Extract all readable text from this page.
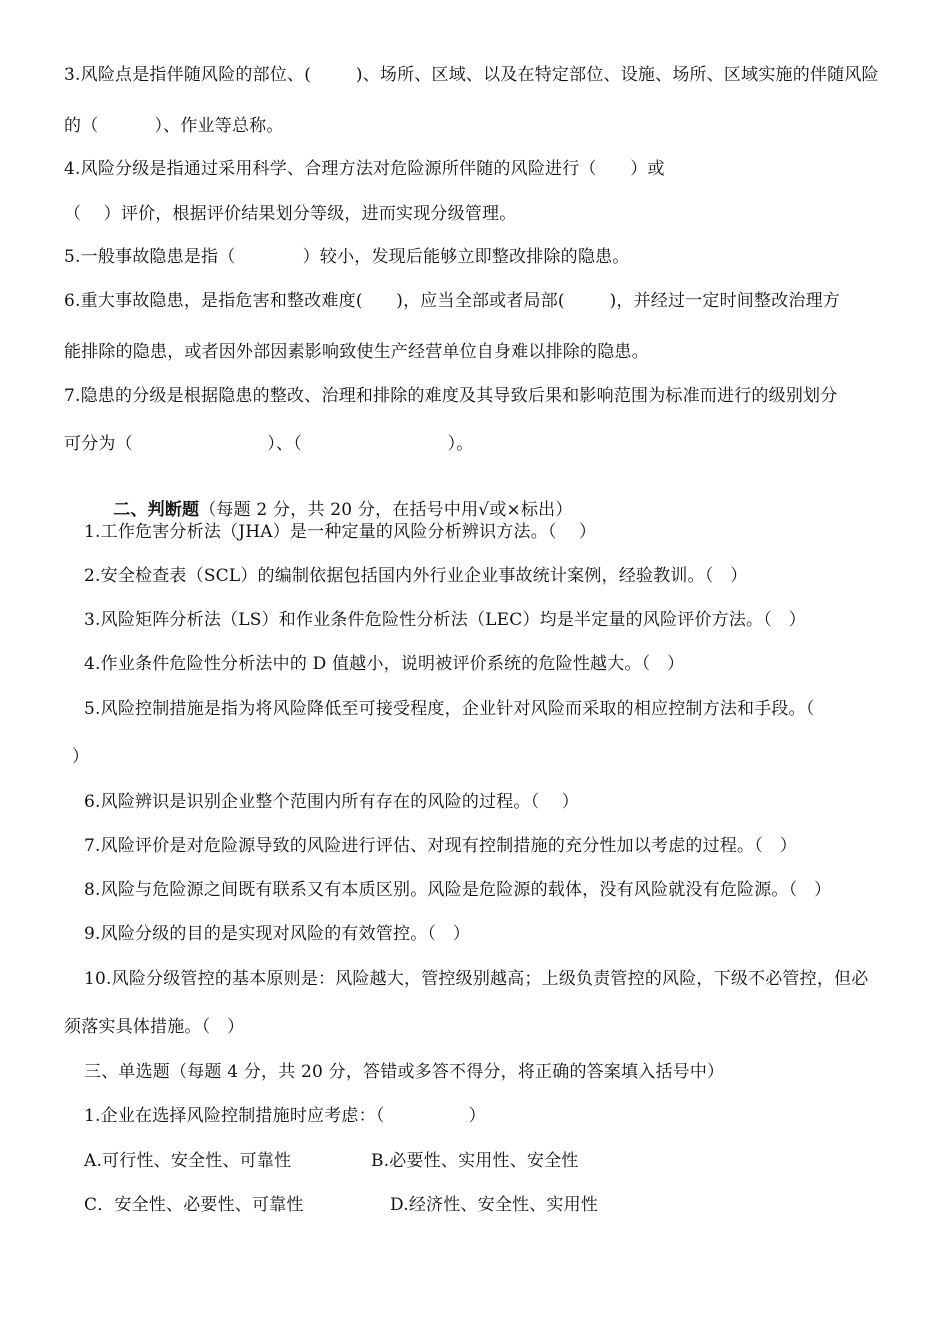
3.风险点是指伴随风险的部位、(        )、场所、区域、以及在特定部位、设施、场所、区域实施的伴随风险
的（          ）、作业等总称。
4.风险分级是指通过采用科学、合理方法对危险源所伴随的风险进行（      ）或
（    ）评价，根据评价结果划分等级，进而实现分级管理。
5.一般事故隐患是指（            ）较小，发现后能够立即整改排除的隐患。
6.重大事故隐患，是指危害和整改难度(      )，应当全部或者局部(        )，并经过一定时间整改治理方
能排除的隐患，或者因外部因素影响致使生产经营单位自身难以排除的隐患。
7.隐患的分级是根据隐患的整改、治理和排除的难度及其导致后果和影响范围为标准而进行的级别划分
可分为（                        ）、（                          ）。

二、判断题（每题 2 分，共 20 分，在括号中用√或×标出）

1.工作危害分析法（JHA）是一种定量的风险分析辨识方法。（    ）
2.安全检查表（SCL）的编制依据包括国内外行业企业事故统计案例，经验教训。（   ）
3.风险矩阵分析法（LS）和作业条件危险性分析法（LEC）均是半定量的风险评价方法。（   ）
4.作业条件危险性分析法中的 D 值越小，说明被评价系统的危险性越大。（   ）
5.风险控制措施是指为将风险降低至可接受程度，企业针对风险而采取的相应控制方法和手段。（
）
6.风险辨识是识别企业整个范围内所有存在的风险的过程。（    ）
7.风险评价是对危险源导致的风险进行评估、对现有控制措施的充分性加以考虑的过程。（   ）
8.风险与危险源之间既有联系又有本质区别。风险是危险源的载体，没有风险就没有危险源。（   ）
9.风险分级的目的是实现对风险的有效管控。（   ）
10.风险分级管控的基本原则是：风险越大，管控级别越高；上级负责管控的风险，下级不必管控，但必
须落实具体措施。（   ）
三、单选题（每题 4 分，共 20 分，答错或多答不得分，将正确的答案填入括号中）
1.企业在选择风险控制措施时应考虑：（               ）
A.可行性、安全性、可靠性	B.必要性、实用性、安全性
C．安全性、必要性、可靠性	D.经济性、安全性、实用性
